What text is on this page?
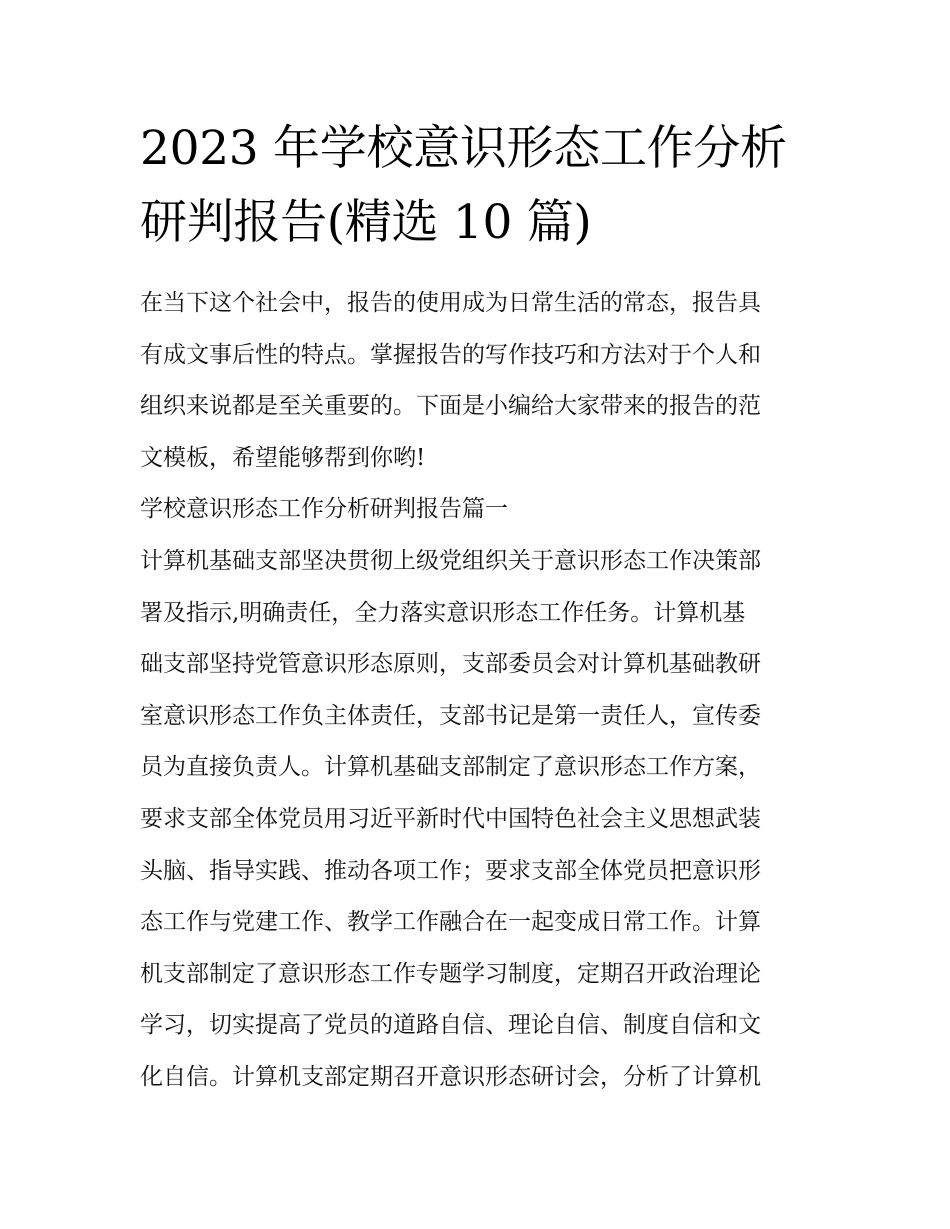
2023 年学校意识形态工作分析
研判报告(精选 10 篇)
在当下这个社会中，报告的使用成为日常生活的常态，报告具
有成文事后性的特点。掌握报告的写作技巧和方法对于个人和
组织来说都是至关重要的。下面是小编给大家带来的报告的范
文模板，希望能够帮到你哟!
学校意识形态工作分析研判报告篇一
计算机基础支部坚决贯彻上级党组织关于意识形态工作决策部
署及指示,明确责任，全力落实意识形态工作任务。计算机基
础支部坚持党管意识形态原则，支部委员会对计算机基础教研
室意识形态工作负主体责任，支部书记是第一责任人，宣传委
员为直接负责人。计算机基础支部制定了意识形态工作方案，
要求支部全体党员用习近平新时代中国特色社会主义思想武装
头脑、指导实践、推动各项工作；要求支部全体党员把意识形
态工作与党建工作、教学工作融合在一起变成日常工作。计算
机支部制定了意识形态工作专题学习制度，定期召开政治理论
学习，切实提高了党员的道路自信、理论自信、制度自信和文
化自信。计算机支部定期召开意识形态研讨会，分析了计算机
